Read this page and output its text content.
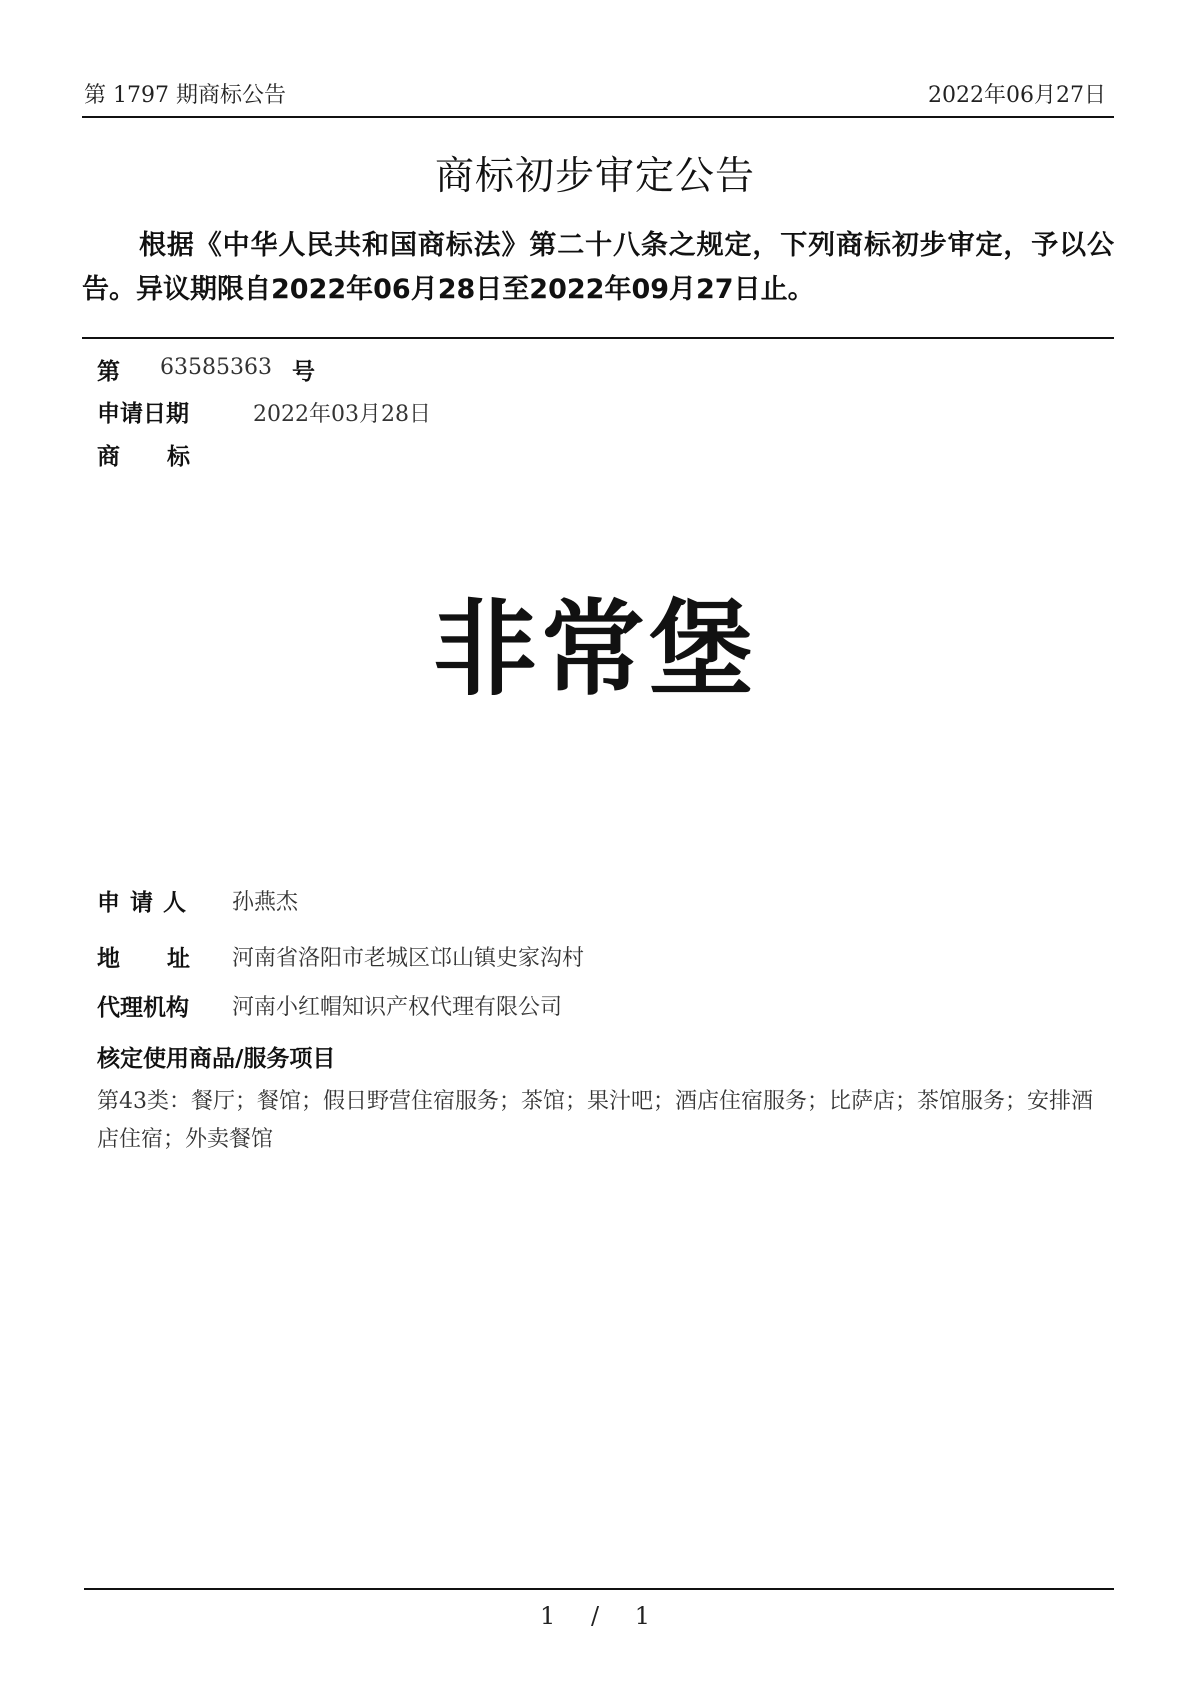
第 1797 期商标公告	2022年06月27日
商标初步审定公告
根据《中华人民共和国商标法》第二十八条之规定，下列商标初步审定，予以公告。异议期限自2022年06月28日至2022年09月27日止。
第 63585363 号
申请日期	2022年03月28日
商 标
非常堡
申请人 孙燕杰
地 址 河南省洛阳市老城区邙山镇史家沟村
代理机构 河南小红帽知识产权代理有限公司
核定使用商品/服务项目
第43类：餐厅；餐馆；假日野营住宿服务；茶馆；果汁吧；酒店住宿服务；比萨店；茶馆服务；安排酒店住宿；外卖餐馆
1 / 1
